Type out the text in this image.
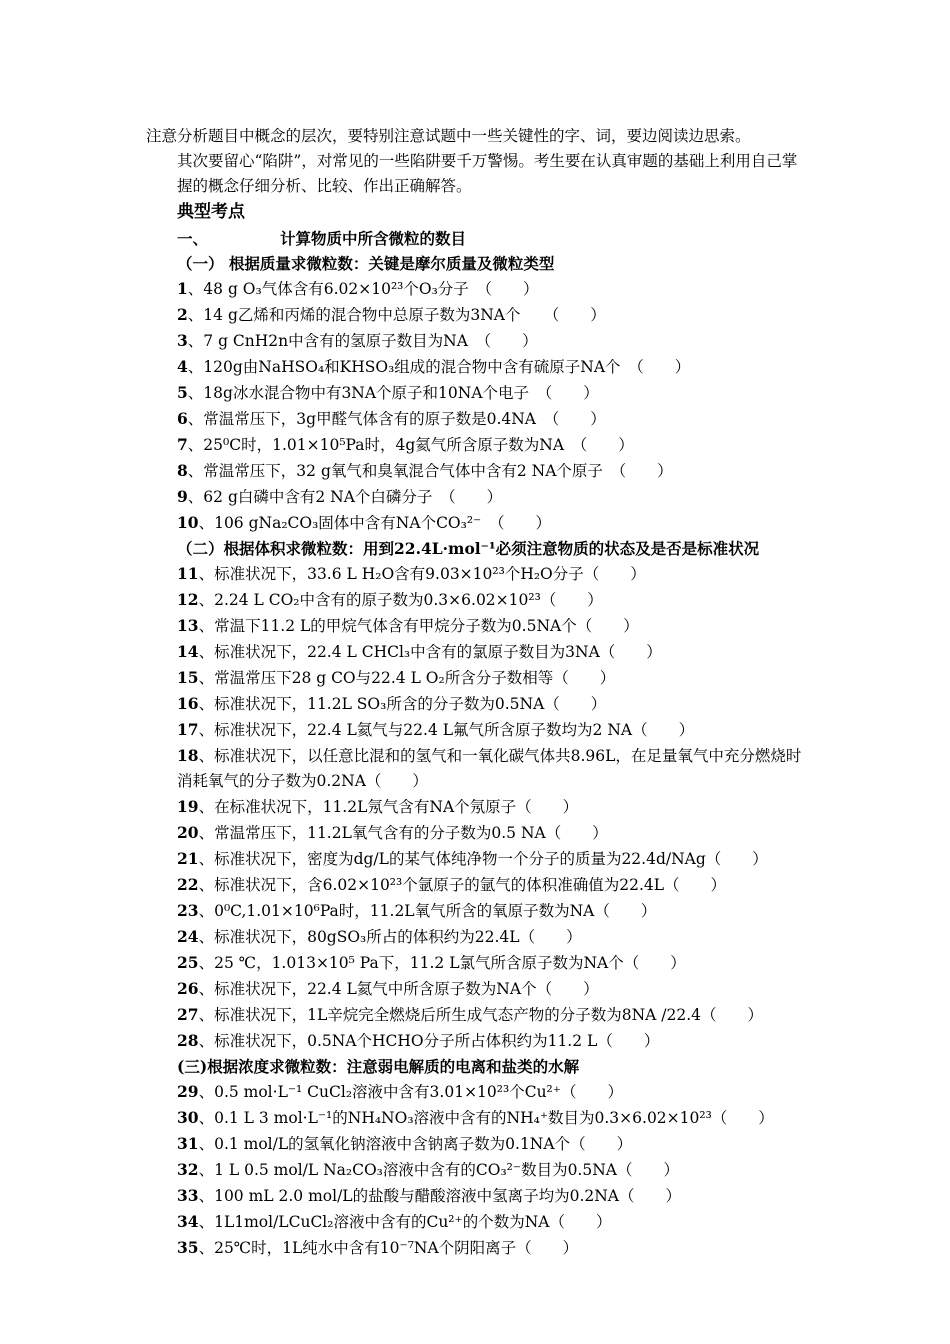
注意分析题目中概念的层次，要特别注意试题中一些关键性的字、词，要边阅读边思索。
其次要留心“陷阱”，对常见的一些陷阱要千万警惕。考生要在认真审题的基础上利用自己掌握的概念仔细分析、比较、作出正确解答。
典型考点
一、	计算物质中所含微粒的数目
（一） 根据质量求微粒数：关键是摩尔质量及微粒类型
1、48 g O₃气体含有6.02×10²³个O₃分子　（　　）
2、14 g乙烯和丙烯的混合物中总原子数为3NA个　　（　　）
3、7 g CnH2n中含有的氢原子数目为NA　（　　）
4、120g由NaHSO₄和KHSO₃组成的混合物中含有硫原子NA个　（　　）
5、18g冰水混合物中有3NA个原子和10NA个电子　（　　）
6、常温常压下，3g甲醛气体含有的原子数是0.4NA　（　　）
7、25⁰C时，1.01×10⁵Pa时，4g氦气所含原子数为NA　（　　）
8、常温常压下，32 g氧气和臭氧混合气体中含有2 NA个原子　（　　）
9、62 g白磷中含有2 NA个白磷分子　（　　）
10、106 gNa₂CO₃固体中含有NA个CO₃²⁻　（　　）
（二）根据体积求微粒数：用到22.4L·mol⁻¹必须注意物质的状态及是否是标准状况
11、标准状况下，33.6 L H₂O含有9.03×10²³个H₂O分子（　　）
12、2.24 L CO₂中含有的原子数为0.3×6.02×10²³（　　）
13、常温下11.2 L的甲烷气体含有甲烷分子数为0.5NA个（　　）
14、标准状况下，22.4 L CHCl₃中含有的氯原子数目为3NA（　　）
15、常温常压下28 g CO与22.4 L O₂所含分子数相等（　　）
16、标准状况下，11.2L SO₃所含的分子数为0.5NA（　　）
17、标准状况下，22.4 L氦气与22.4 L氟气所含原子数均为2 NA（　　）
18、标准状况下，以任意比混和的氢气和一氧化碳气体共8.96L，在足量氧气中充分燃烧时消耗氧气的分子数为0.2NA（　　）
19、在标准状况下，11.2L氖气含有NA个氖原子（　　）
20、常温常压下，11.2L氧气含有的分子数为0.5 NA（　　）
21、标准状况下，密度为dg/L的某气体纯净物一个分子的质量为22.4d/NAg（　　）
22、标准状况下，含6.02×10²³个氩原子的氩气的体积准确值为22.4L（　　）
23、0⁰C,1.01×10⁶Pa时，11.2L氧气所含的氧原子数为NA（　　）
24、标准状况下，80gSO₃所占的体积约为22.4L（　　）
25、25 ℃，1.013×10⁵ Pa下，11.2 L氯气所含原子数为NA个（　　）
26、标准状况下，22.4 L氦气中所含原子数为NA个（　　）
27、标准状况下，1L辛烷完全燃烧后所生成气态产物的分子数为8NA /22.4（　　）
28、标准状况下，0.5NA个HCHO分子所占体积约为11.2 L（　　）
(三)根据浓度求微粒数：注意弱电解质的电离和盐类的水解
29、0.5 mol·L⁻¹ CuCl₂溶液中含有3.01×10²³个Cu²⁺（　　）
30、0.1 L 3 mol·L⁻¹的NH₄NO₃溶液中含有的NH₄⁺数目为0.3×6.02×10²³（　　）
31、0.1 mol/L的氢氧化钠溶液中含钠离子数为0.1NA个（　　）
32、1 L 0.5 mol/L Na₂CO₃溶液中含有的CO₃²⁻数目为0.5NA（　　）
33、100 mL 2.0 mol/L的盐酸与醋酸溶液中氢离子均为0.2NA（　　）
34、1L1mol/LCuCl₂溶液中含有的Cu²⁺的个数为NA（　　）
35、25℃时，1L纯水中含有10⁻⁷NA个阴阳离子（　　）
